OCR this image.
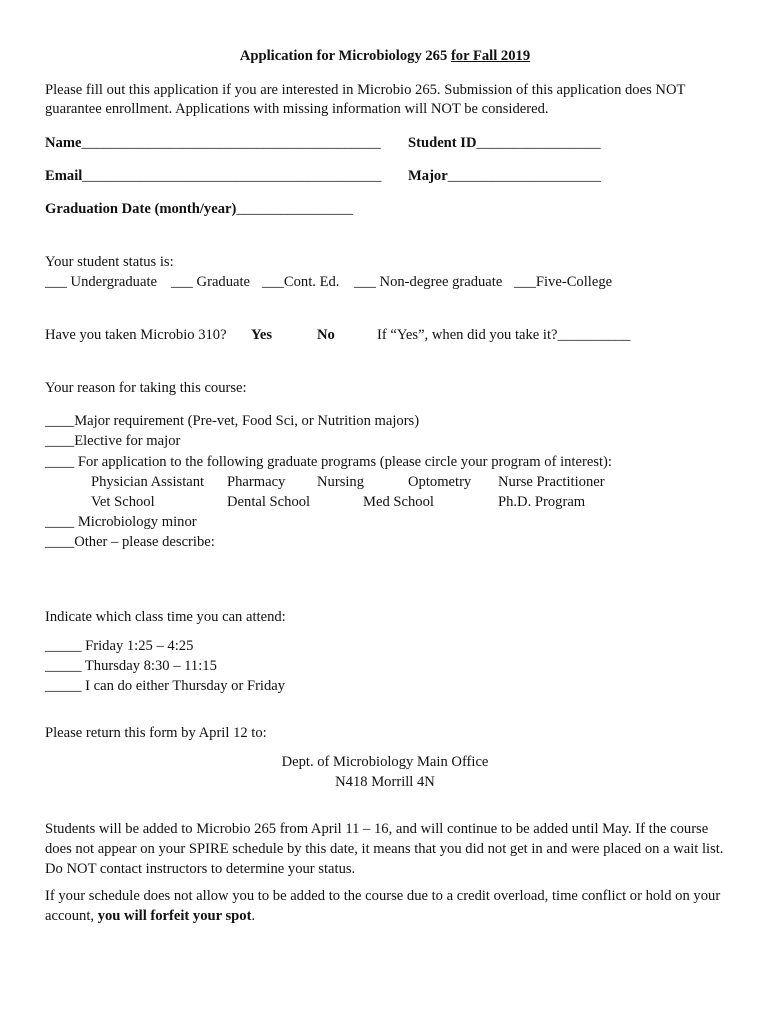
Application for Microbiology 265 for Fall 2019
Please fill out this application if you are interested in Microbio 265. Submission of this application does NOT
guarantee enrollment. Applications with missing information will NOT be considered.
Name_________________________________________ Student ID_________________
Email_________________________________________ Major_____________________
Graduation Date (month/year)________________
Your student status is:
___ Undergraduate ___ Graduate ___Cont. Ed. ___ Non-degree graduate ___Five-College
Have you taken Microbio 310? Yes	No	If “Yes”, when did you take it?__________
Your reason for taking this course:
____Major requirement (Pre-vet, Food Sci, or Nutrition majors)
____Elective for major
____ For application to the following graduate programs (please circle your program of interest):
Physician Assistant Pharmacy Nursing	Optometry Nurse Practitioner
Vet School	Dental School	Med School	Ph.D. Program
____ Microbiology minor
____Other – please describe:
Indicate which class time you can attend:
_____ Friday 1:25 – 4:25
_____ Thursday 8:30 – 11:15
_____ I can do either Thursday or Friday
Please return this form by April 12 to:
Dept. of Microbiology Main Office
N418 Morrill 4N

Students will be added to Microbio 265 from April 11 – 16, and will continue to be added until May. If the course does not appear on your SPIRE schedule by this date, it means that you did not get in and were placed on a wait list. Do NOT contact instructors to determine your status.

If your schedule does not allow you to be added to the course due to a credit overload, time conflict or hold on your account, you will forfeit your spot.
